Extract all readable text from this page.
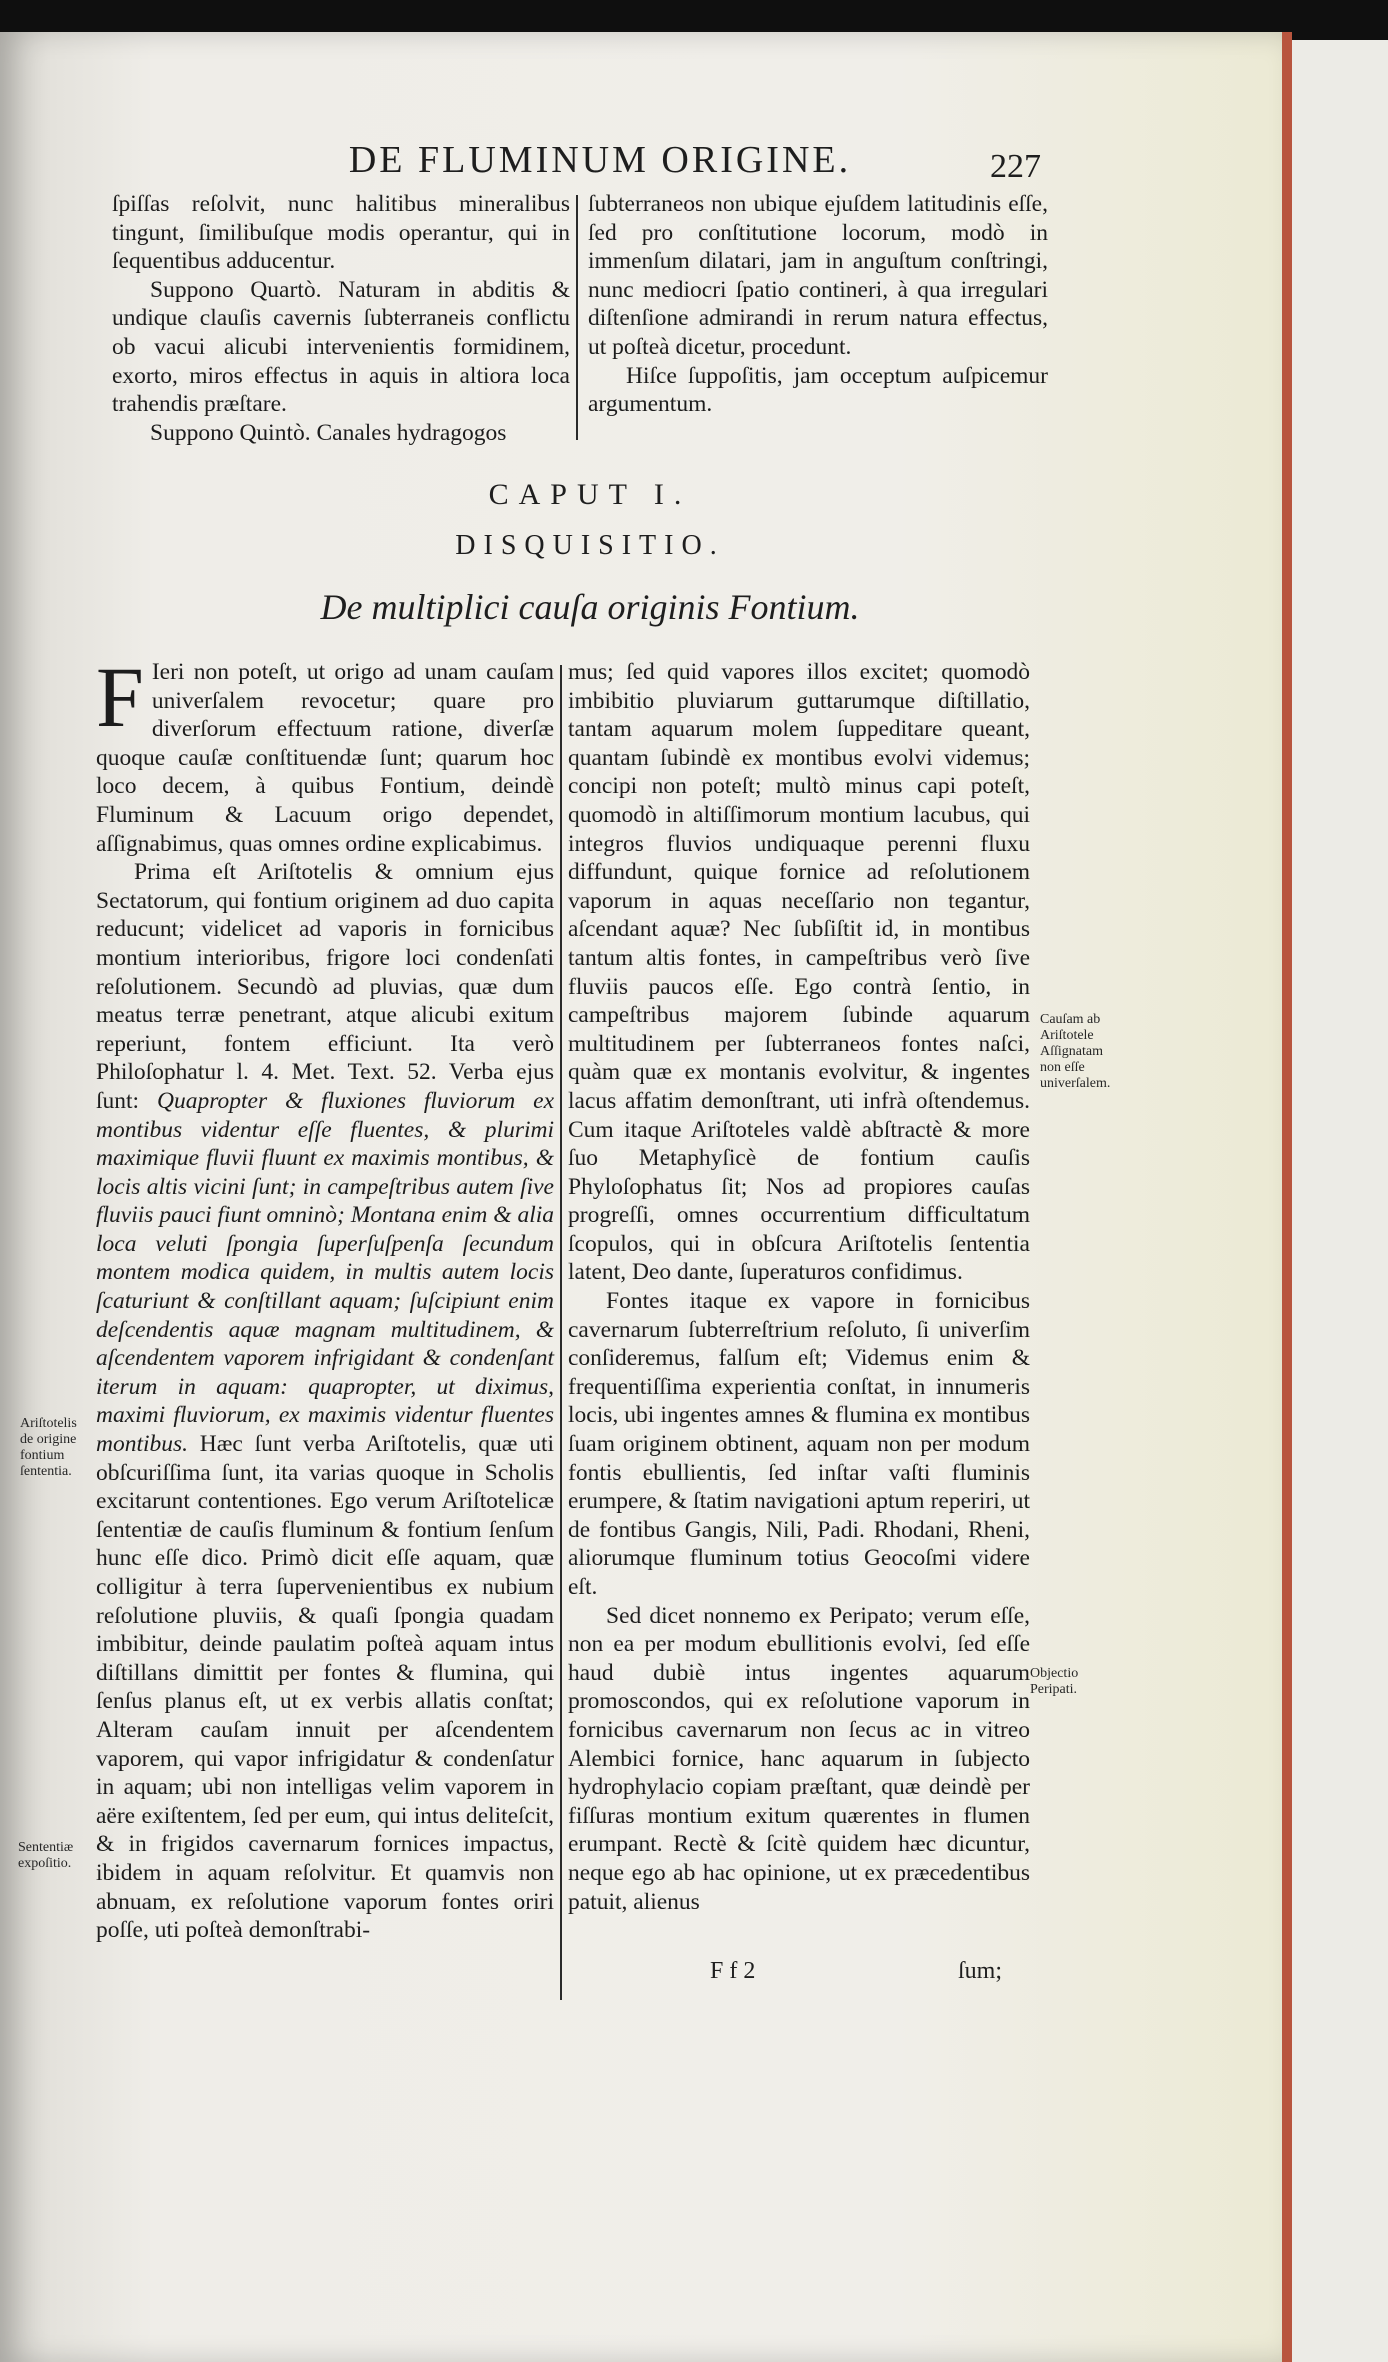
DE FLUMINUM ORIGINE.	227

ſpiſſas reſolvit, nunc halitibus mineralibus tingunt, ſimilibuſque modis operantur, qui in ſequentibus adducentur.

Suppono Quartò. Naturam in abditis & undique clauſis cavernis ſubterraneis conflictu ob vacui alicubi intervenientis formidinem, exorto, miros effectus in aquis in altiora loca trahendis præſtare.

Suppono Quintò. Canales hydragogos

ſubterraneos non ubique ejuſdem latitudinis eſſe, ſed pro conſtitutione locorum, modò in immenſum dilatari, jam in anguſtum conſtringi, nunc mediocri ſpatio contineri, à qua irregulari diſtenſione admirandi in rerum natura effectus, ut poſteà dicetur, procedunt.

Hiſce ſuppoſitis, jam occeptum auſpicemur argumentum.

CAPUT I.
DISQUISITIO.
De multiplici cauſa originis Fontium.

F Ieri non poteſt, ut origo ad unam cauſam univerſalem revocetur; quare pro diverſorum effectuum ratione, diverſæ quoque cauſæ conſtituendæ ſunt; quarum hoc loco decem, à quibus Fontium, deindè Fluminum & Lacuum origo dependet, aſſignabimus, quas omnes ordine explicabimus.

Prima eſt Ariſtotelis & omnium ejus Sectatorum, qui fontium originem ad duo capita reducunt; videlicet ad vaporis in fornicibus montium interioribus, frigore loci condenſati reſolutionem. Secundò ad pluvias, quæ dum meatus terræ penetrant, atque alicubi exitum reperiunt, fontem efficiunt. Ita verò Philoſophatur l. 4. Met. Text. 52. Verba ejus ſunt: Quapropter & fluxiones fluviorum ex montibus videntur eſſe fluentes, & plurimi maximique fluvii fluunt ex maximis montibus, & locis altis vicini ſunt; in campeſtribus autem ſive fluviis pauci fiunt omninò; Montana enim & alia loca veluti ſpongia ſuperſuſpenſa ſecundum montem modica quidem, in multis autem locis ſcaturiunt & conſtillant aquam; ſuſcipiunt enim deſcendentis aquæ magnam multitudinem, & aſcendentem vaporem infrigidant & condenſant iterum in aquam: quapropter, ut diximus, maximi fluviorum, ex maximis videntur fluentes montibus. Hæc ſunt verba Ariſtotelis, quæ uti obſcuriſſima ſunt, ita varias quoque in Scholis excitarunt contentiones. Ego verum Ariſtotelicæ ſententiæ de cauſis fluminum & fontium ſenſum hunc eſſe dico. Primò dicit eſſe aquam, quæ colligitur à terra ſupervenientibus ex nubium reſolutione pluviis, & quaſi ſpongia quadam imbibitur, deinde paulatim poſteà aquam intus diſtillans dimittit per fontes & flumina, qui ſenſus planus eſt, ut ex verbis allatis conſtat; Alteram cauſam innuit per aſcendentem vaporem, qui vapor infrigidatur & condenſatur in aquam; ubi non intelligas velim vaporem in aëre exiſtentem, ſed per eum, qui intus deliteſcit, & in frigidos cavernarum fornices impactus, ibidem in aquam reſolvitur. Et quamvis non abnuam, ex reſolutione vaporum fontes oriri poſſe, uti poſteà demonſtrabi-

mus; ſed quid vapores illos excitet; quomodò imbibitio pluviarum guttarumque diſtillatio, tantam aquarum molem ſuppeditare queant, quantam ſubindè ex montibus evolvi videmus; concipi non poteſt; multò minus capi poteſt, quomodò in altiſſimorum montium lacubus, qui integros fluvios undiquaque perenni fluxu diffundunt, quique fornice ad reſolutionem vaporum in aquas neceſſario non tegantur, aſcendant aquæ? Nec ſubſiſtit id, in montibus tantum altis fontes, in campeſtribus verò ſive fluviis paucos eſſe. Ego contrà ſentio, in campeſtribus majorem ſubinde aquarum multitudinem per ſubterraneos fontes naſci, quàm quæ ex montanis evolvitur, & ingentes lacus affatim demonſtrant, uti infrà oſtendemus. Cum itaque Ariſtoteles valdè abſtractè & more ſuo Metaphyſicè de fontium cauſis Phyloſophatus ſit; Nos ad propiores cauſas progreſſi, omnes occurrentium difficultatum ſcopulos, qui in obſcura Ariſtotelis ſententia latent, Deo dante, ſuperaturos confidimus.

Fontes itaque ex vapore in fornicibus cavernarum ſubterreſtrium reſoluto, ſi univerſim conſideremus, falſum eſt; Videmus enim & frequentiſſima experientia conſtat, in innumeris locis, ubi ingentes amnes & flumina ex montibus ſuam originem obtinent, aquam non per modum fontis ebullientis, ſed inſtar vaſti fluminis erumpere, & ſtatim navigationi aptum reperiri, ut de fontibus Gangis, Nili, Padi. Rhodani, Rheni, aliorumque fluminum totius Geocoſmi videre eſt.

Sed dicet nonnemo ex Peripato; verum eſſe, non ea per modum ebullitionis evolvi, ſed eſſe haud dubiè intus ingentes aquarum promoscondos, qui ex reſolutione vaporum in fornicibus cavernarum non ſecus ac in vitreo Alembici fornice, hanc aquarum in ſubjecto hydrophylacio copiam præſtant, quæ deindè per fiſſuras montium exitum quærentes in flumen erumpant. Rectè & ſcitè quidem hæc dicuntur, neque ego ab hac opinione, ut ex præcedentibus patuit, alienus

Cauſam ab Ariſtotele Aſſignatam non eſſe univerſalem.
Objectio Peripati.
Ariſtotelis de origine fontium ſententia.
Sententiæ expoſitio.
F f 2	ſum;
